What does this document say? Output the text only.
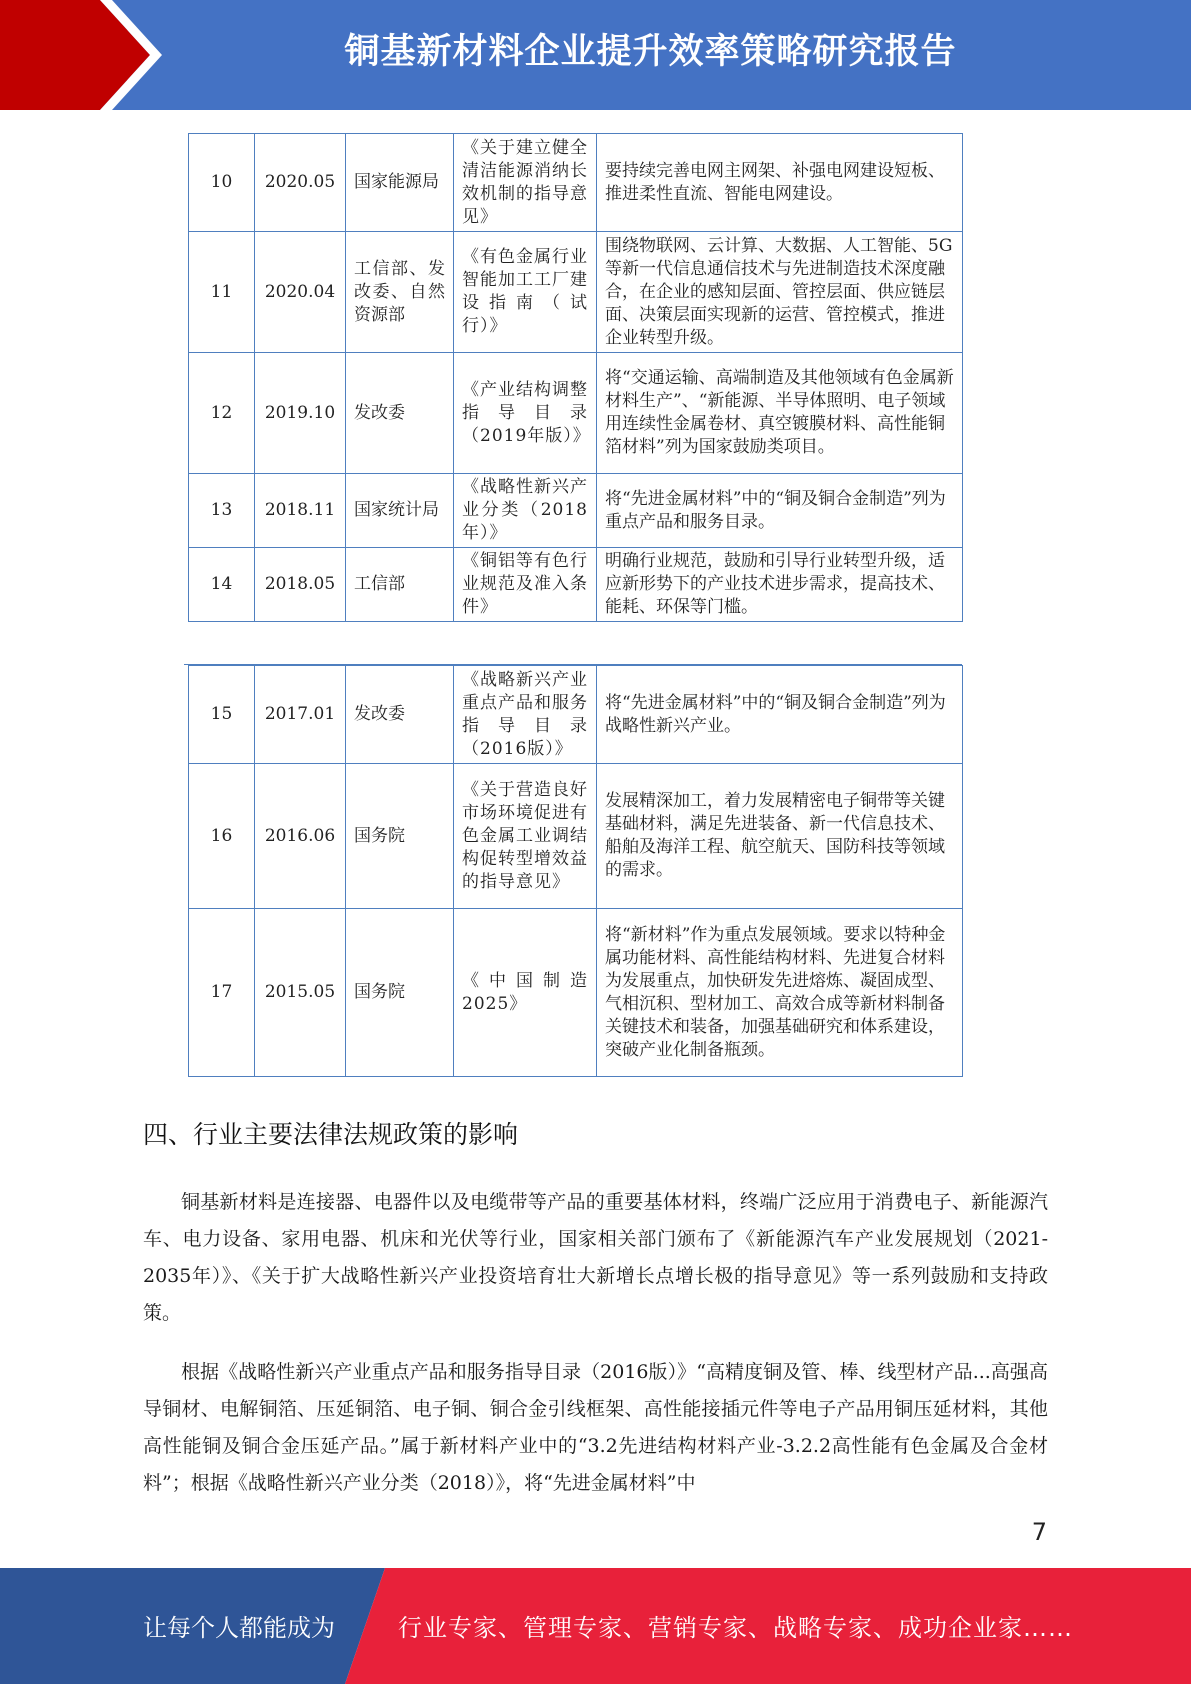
铜基新材料企业提升效率策略研究报告
10	2020.05	国家能源局	《关于建立健全清洁能源消纳长效机制的指导意见》	要持续完善电网主网架、补强电网建设短板、推进柔性直流、智能电网建设。
11	2020.04	工信部、发改委、自然资源部	《有色金属行业智能加工工厂建设指南（试行）》	围绕物联网、云计算、大数据、人工智能、5G等新一代信息通信技术与先进制造技术深度融合，在企业的感知层面、管控层面、供应链层面、决策层面实现新的运营、管控模式，推进企业转型升级。
12	2019.10	发改委	《产业结构调整指导目录（2019年版）》	将“交通运输、高端制造及其他领域有色金属新材料生产”、“新能源、半导体照明、电子领域用连续性金属卷材、真空镀膜材料、高性能铜箔材料”列为国家鼓励类项目。
13	2018.11	国家统计局	《战略性新兴产业分类（2018年）》	将“先进金属材料”中的“铜及铜合金制造”列为重点产品和服务目录。
14	2018.05	工信部	《铜铝等有色行业规范及准入条件》	明确行业规范，鼓励和引导行业转型升级，适应新形势下的产业技术进步需求，提高技术、能耗、环保等门槛。
15	2017.01	发改委	《战略新兴产业重点产品和服务指导目录（2016版）》	将“先进金属材料”中的“铜及铜合金制造”列为战略性新兴产业。
16	2016.06	国务院	《关于营造良好市场环境促进有色金属工业调结构促转型增效益的指导意见》	发展精深加工，着力发展精密电子铜带等关键基础材料，满足先进装备、新一代信息技术、船舶及海洋工程、航空航天、国防科技等领域的需求。
17	2015.05	国务院	《中国制造2025》	将“新材料”作为重点发展领域。要求以特种金属功能材料、高性能结构材料、先进复合材料为发展重点，加快研发先进熔炼、凝固成型、气相沉积、型材加工、高效合成等新材料制备关键技术和装备，加强基础研究和体系建设，突破产业化制备瓶颈。
四、行业主要法律法规政策的影响

铜基新材料是连接器、电器件以及电缆带等产品的重要基体材料，终端广泛应用于消费电子、新能源汽车、电力设备、家用电器、机床和光伏等行业，国家相关部门颁布了《新能源汽车产业发展规划（2021-2035年）》、《关于扩大战略性新兴产业投资培育壮大新增长点增长极的指导意见》等一系列鼓励和支持政策。

根据《战略性新兴产业重点产品和服务指导目录（2016版）》“高精度铜及管、棒、线型材产品...高强高导铜材、电解铜箔、压延铜箔、电子铜、铜合金引线框架、高性能接插元件等电子产品用铜压延材料，其他高性能铜及铜合金压延产品。”属于新材料产业中的“3.2先进结构材料产业-3.2.2高性能有色金属及合金材料”；根据《战略性新兴产业分类（2018）》，将“先进金属材料”中

7
让每个人都能成为	行业专家、管理专家、营销专家、战略专家、成功企业家……
